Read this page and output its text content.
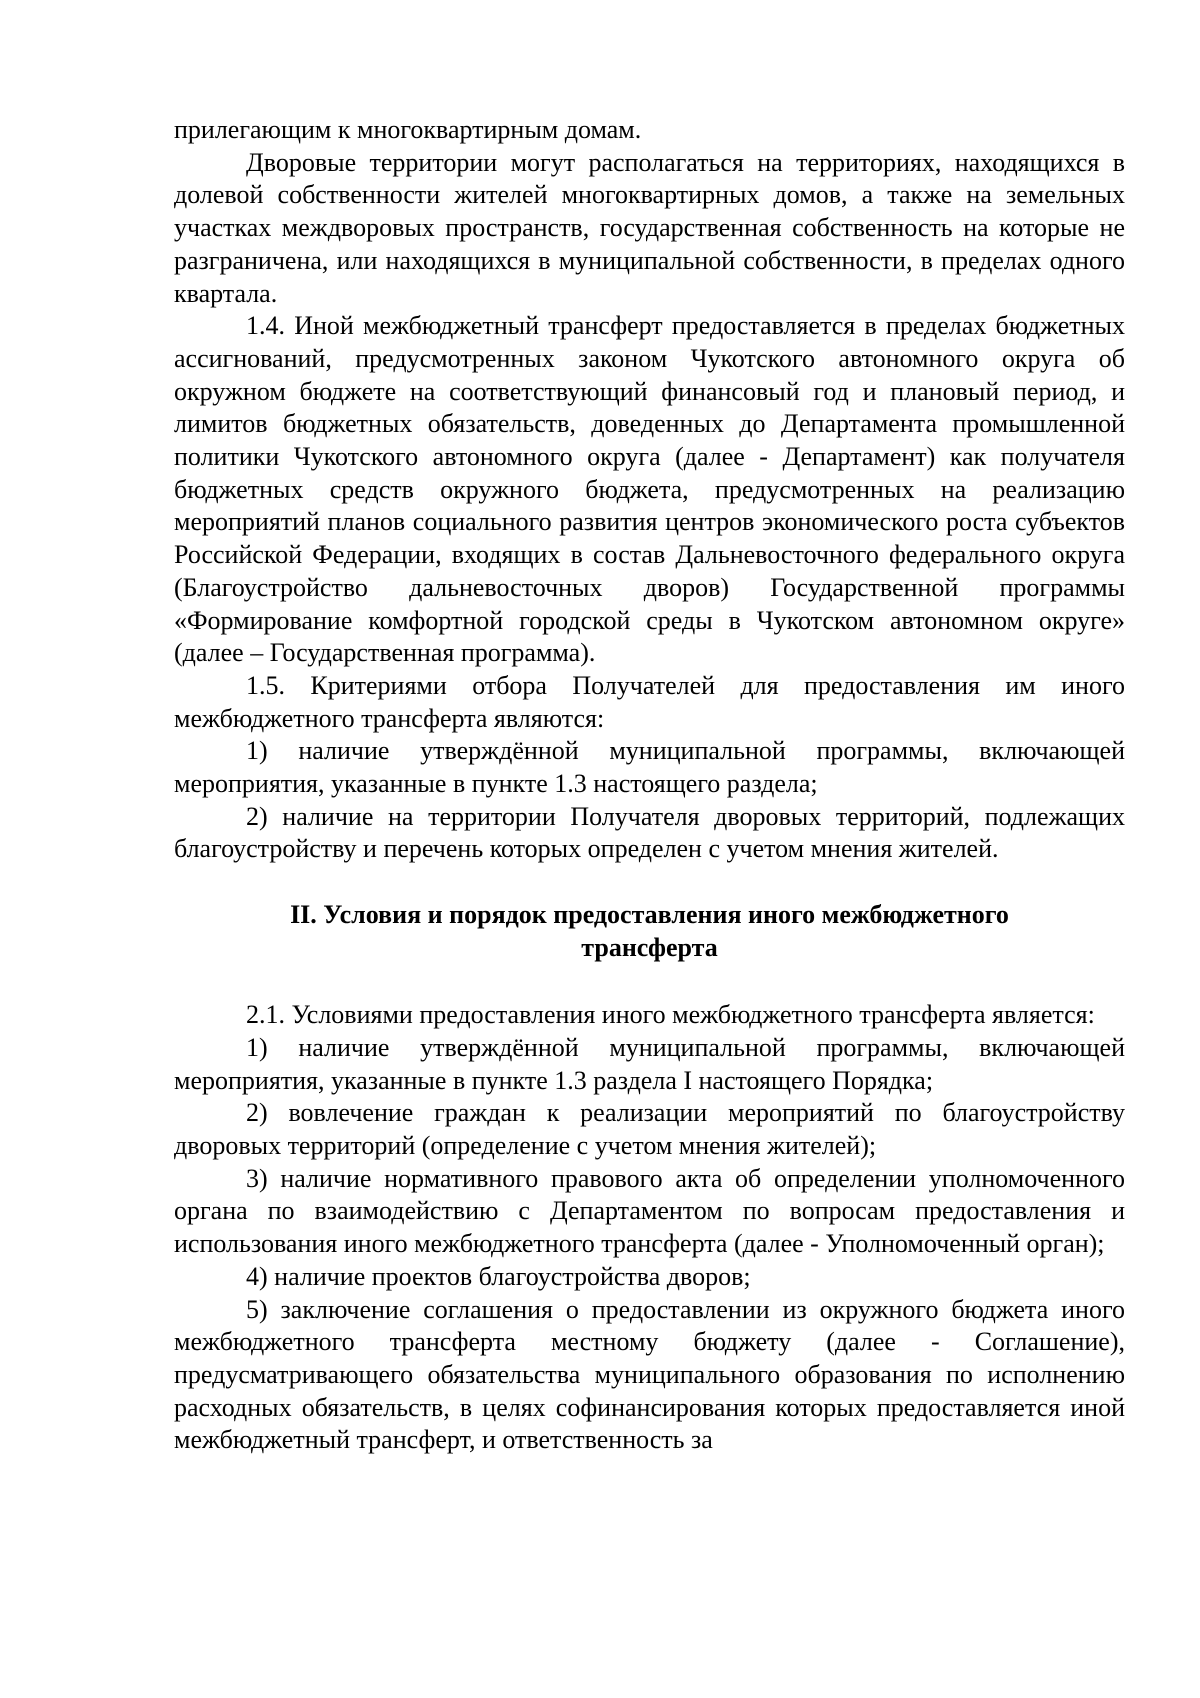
прилегающим к многоквартирным домам.

Дворовые территории могут располагаться на территориях, находящихся в долевой собственности жителей многоквартирных домов, а также на земельных участках междворовых пространств, государственная собственность на которые не разграничена, или находящихся в муниципальной собственности, в пределах одного квартала.

1.4. Иной межбюджетный трансферт предоставляется в пределах бюджетных ассигнований, предусмотренных законом Чукотского автономного округа об окружном бюджете на соответствующий финансовый год и плановый период, и лимитов бюджетных обязательств, доведенных до Департамента промышленной политики Чукотского автономного округа (далее - Департамент) как получателя бюджетных средств окружного бюджета, предусмотренных на реализацию мероприятий планов социального развития центров экономического роста субъектов Российской Федерации, входящих в состав Дальневосточного федерального округа (Благоустройство дальневосточных дворов) Государственной программы «Формирование комфортной городской среды в Чукотском автономном округе» (далее – Государственная программа).

1.5. Критериями отбора Получателей для предоставления им иного межбюджетного трансферта являются:

1) наличие утверждённой муниципальной программы, включающей мероприятия, указанные в пункте 1.3 настоящего раздела;

2) наличие на территории Получателя дворовых территорий, подлежащих благоустройству и перечень которых определен с учетом мнения жителей.

II. Условия и порядок предоставления иного межбюджетного трансферта

2.1. Условиями предоставления иного межбюджетного трансферта является:

1) наличие утверждённой муниципальной программы, включающей мероприятия, указанные в пункте 1.3 раздела I настоящего Порядка;

2) вовлечение граждан к реализации мероприятий по благоустройству дворовых территорий (определение с учетом мнения жителей);

3) наличие нормативного правового акта об определении уполномоченного органа по взаимодействию с Департаментом по вопросам предоставления и использования иного межбюджетного трансферта (далее - Уполномоченный орган);

4) наличие проектов благоустройства дворов;

5) заключение соглашения о предоставлении из окружного бюджета иного межбюджетного трансферта местному бюджету (далее - Соглашение), предусматривающего обязательства муниципального образования по исполнению расходных обязательств, в целях софинансирования которых предоставляется иной межбюджетный трансферт, и ответственность за
